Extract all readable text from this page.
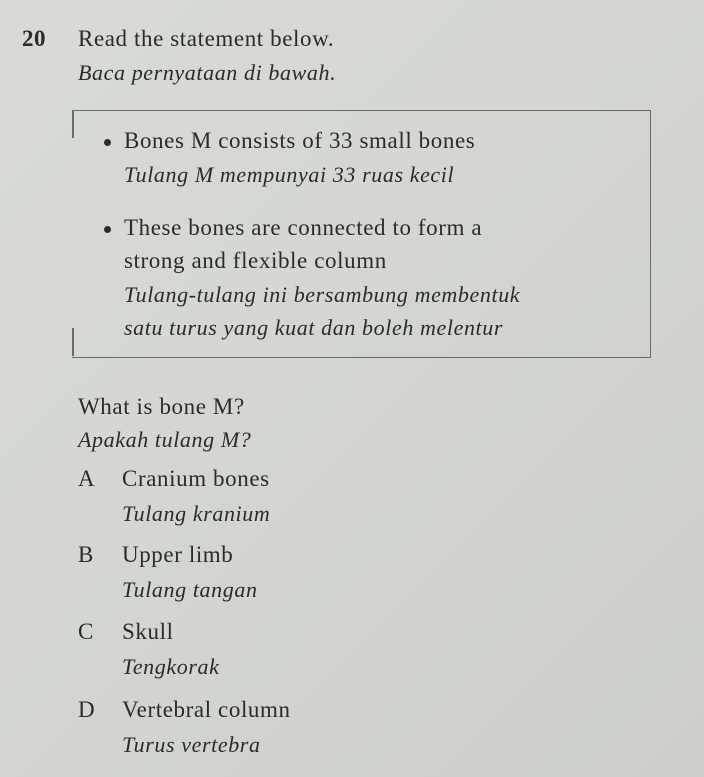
20 Read the statement below.
Baca pernyataan di bawah.
Bones M consists of 33 small bones
Tulang M mempunyai 33 ruas kecil
These bones are connected to form a
strong and flexible column
Tulang-tulang ini bersambung membentuk
satu turus yang kuat dan boleh melentur
What is bone M?
Apakah tulang M?
A Cranium bones
Tulang kranium
B Upper limb
Tulang tangan
C Skull
Tengkorak
D Vertebral column
Turus vertebra
